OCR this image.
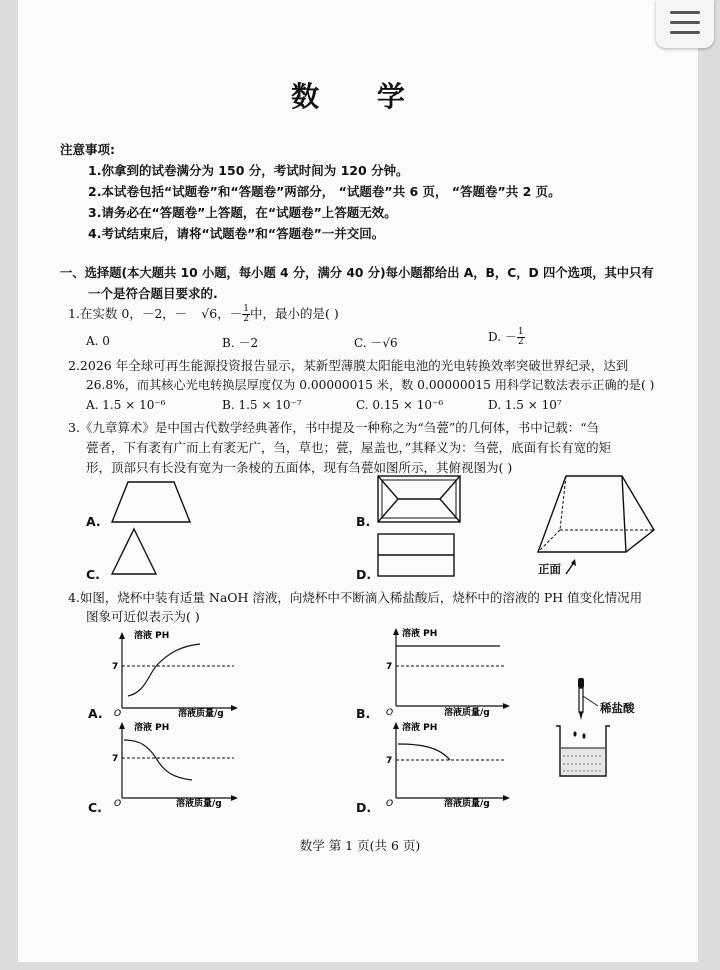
数 学
注意事项:
1.你拿到的试卷满分为 150 分，考试时间为 120 分钟。
2.本试卷包括“试题卷”和“答题卷”两部分， “试题卷”共 6 页， “答题卷”共 2 页。
3.请务必在“答题卷”上答题，在“试题卷”上答题无效。
4.考试结束后，请将“试题卷”和“答题卷”一并交回。
一、选择题(本大题共 10 小题，每小题 4 分，满分 40 分)每小题都给出 A，B，C，D 四个选项，其中只有
一个是符合题目要求的.
1.在实数 0，－2，－ √6，－ $\frac{1}{2}$ 中，最小的是( )
A. 0	B. －2	C. －√6	D. － $\frac{1}{2}$
2.2026 年全球可再生能源投资报告显示，某新型薄膜太阳能电池的光电转换效率突破世界纪录，达到
26.8%，而其核心光电转换层厚度仅为 0.00000015 米，数 0.00000015 用科学记数法表示正确的是( )
A. 1.5 × 10⁻⁶	B. 1.5 × 10⁻⁷	C. 0.15 × 10⁻⁶	D. 1.5 × 10⁷
3.《九章算术》是中国古代数学经典著作，书中提及一种称之为“刍甍”的几何体，书中记载：“刍
甍者，下有袤有广而上有袤无广，刍，草也；甍，屋盖也，”其释义为：刍甍，底面有长有宽的矩
形，顶部只有长没有宽为一条棱的五面体，现有刍甍如图所示，其俯视图为( )
A.
C.
B.
D.	正面
4.如图，烧杯中装有适量 NaOH 溶液，向烧杯中不断滴入稀盐酸后，烧杯中的溶液的 PH 值变化情况用
图象可近似表示为( )
溶液 PH
7
O	溶液质量/g
A.
溶液 PH
7
O	溶液质量/g
B.
溶液 PH
7
O	溶液质量/g
C.
溶液 PH
7
O	溶液质量/g
D.
稀盐酸
数学 第 1 页(共 6 页)
